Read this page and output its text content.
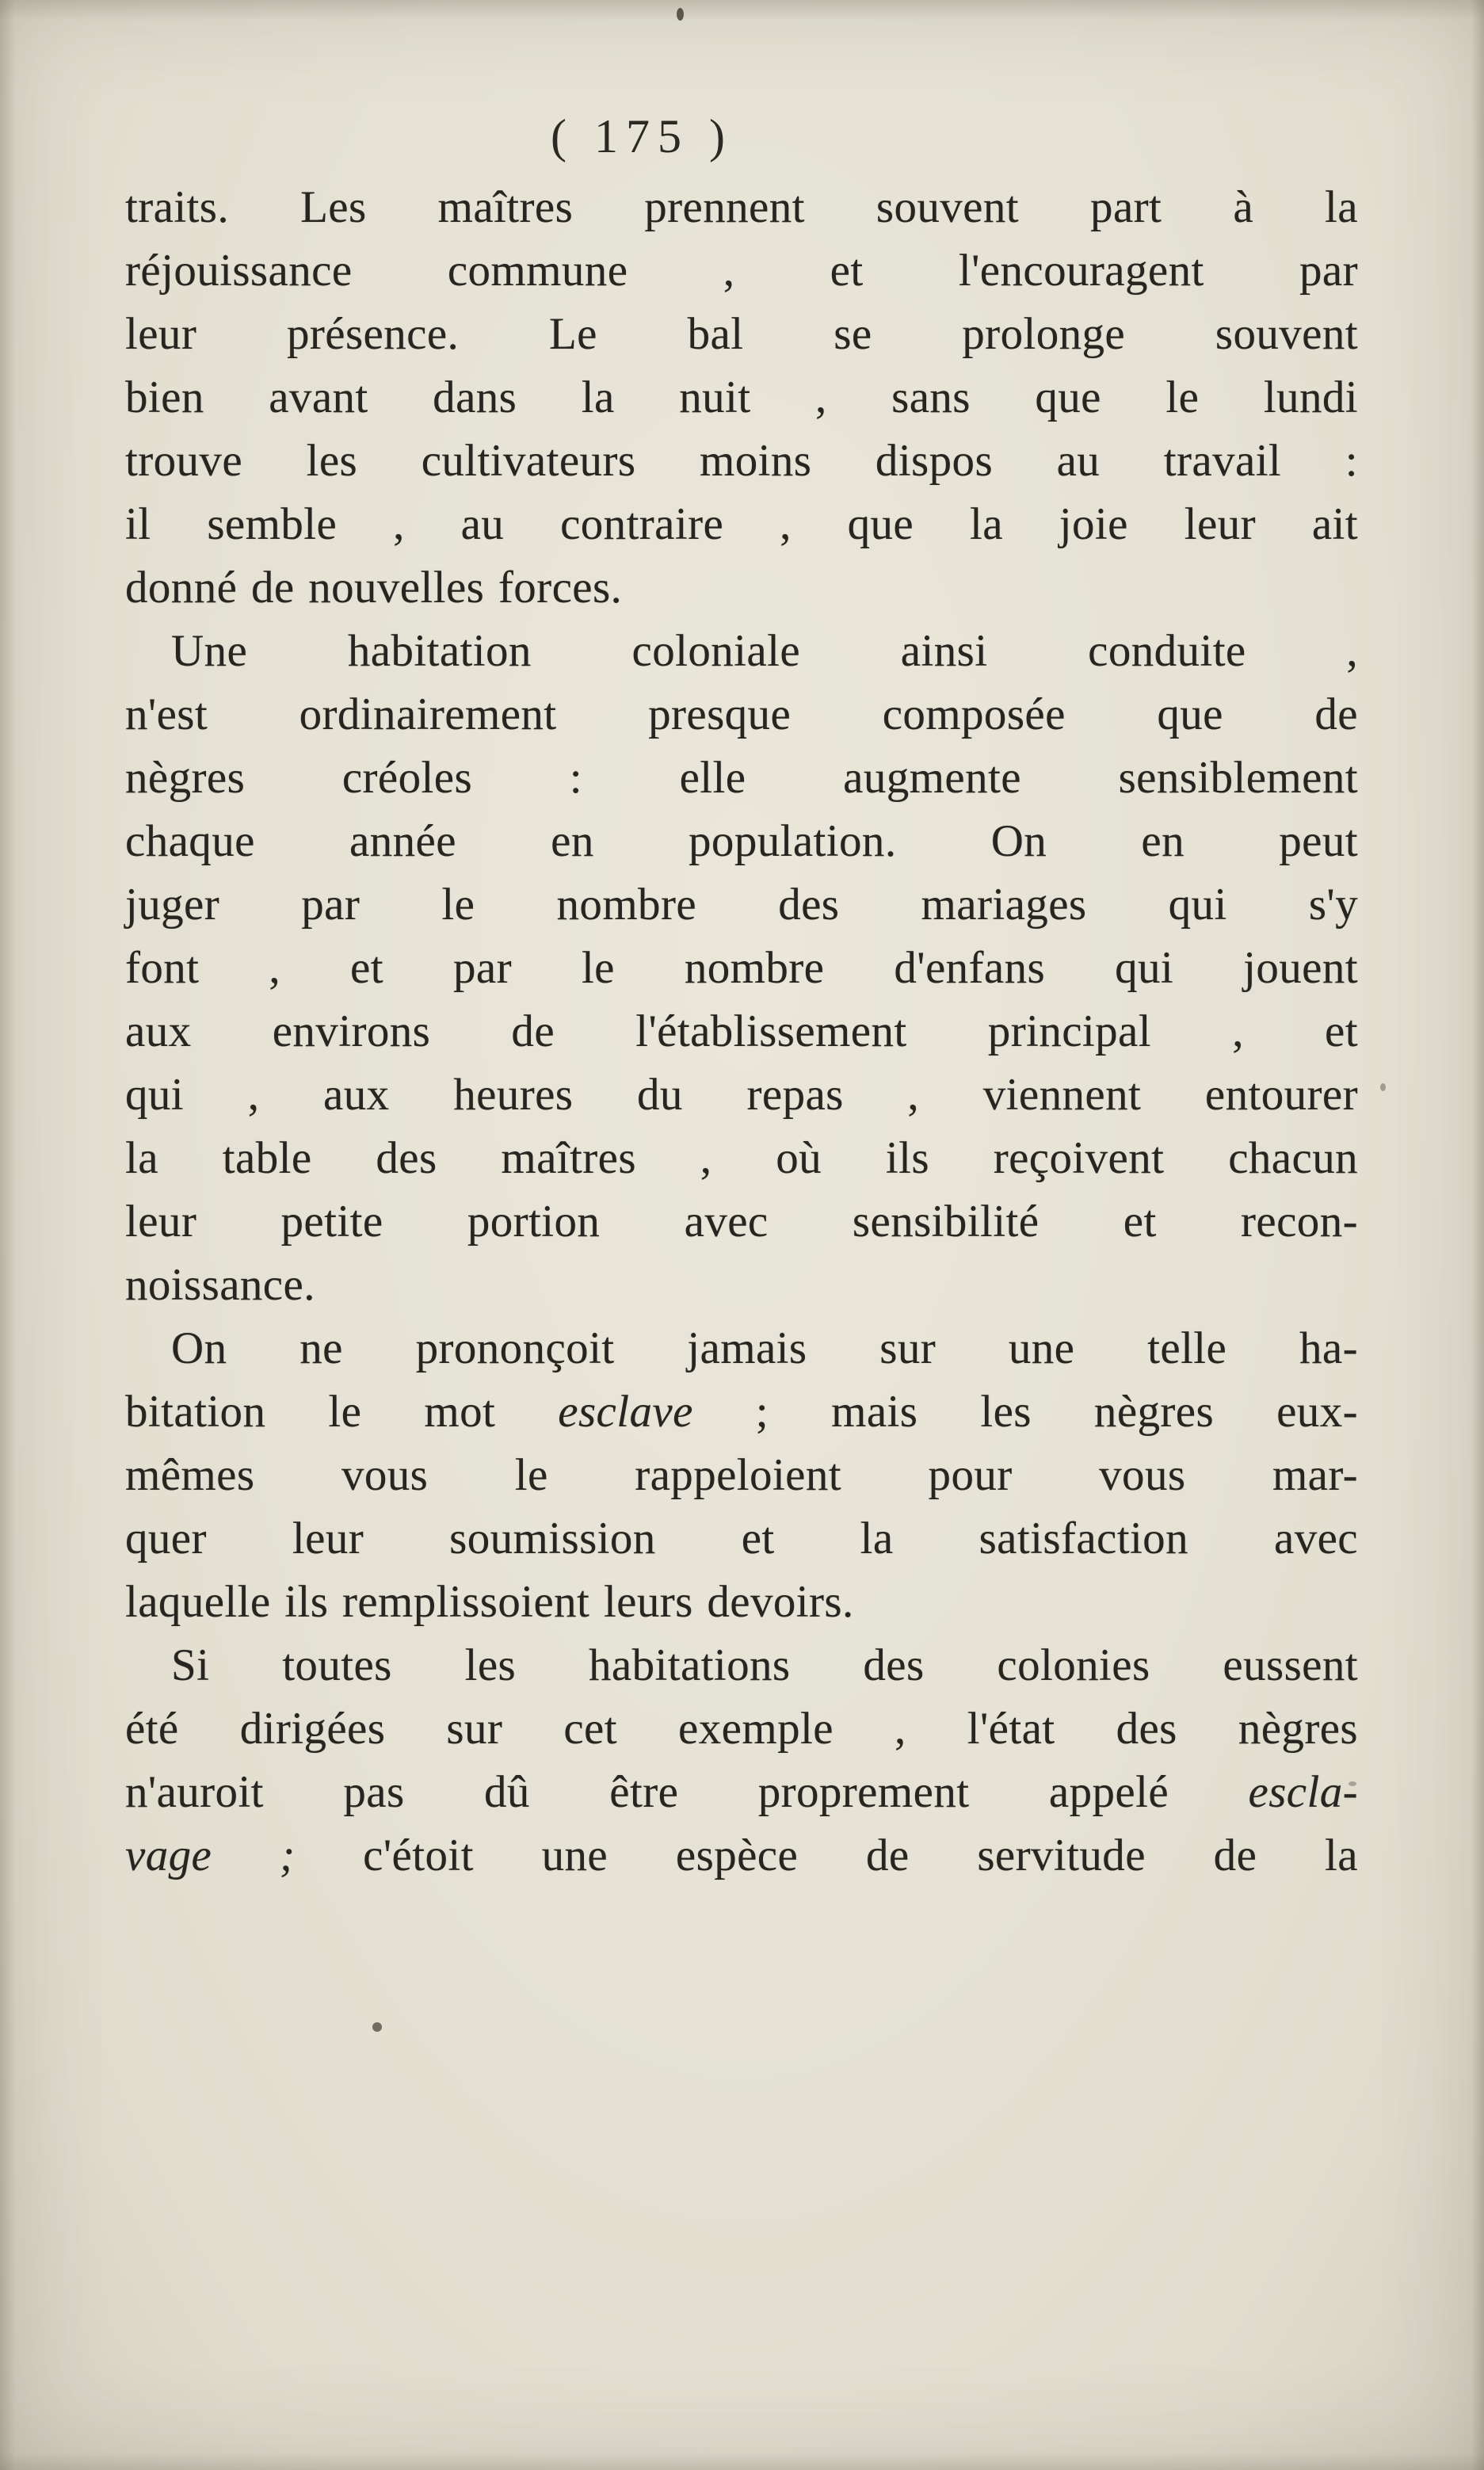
( 175 )
traits. Les maîtres prennent souvent part à la
réjouissance commune , et l'encouragent par
leur présence. Le bal se prolonge souvent
bien avant dans la nuit , sans que le lundi
trouve les cultivateurs moins dispos au travail :
il semble , au contraire , que la joie leur ait
donné de nouvelles forces.
Une habitation coloniale ainsi conduite ,
n'est ordinairement presque composée que de
nègres créoles : elle augmente sensiblement
chaque année en population. On en peut
juger par le nombre des mariages qui s'y
font , et par le nombre d'enfans qui jouent
aux environs de l'établissement principal , et
qui , aux heures du repas , viennent entourer
la table des maîtres , où ils reçoivent chacun
leur petite portion avec sensibilité et recon-
noissance.
On ne prononçoit jamais sur une telle ha-
bitation le mot esclave ; mais les nègres eux-
mêmes vous le rappeloient pour vous mar-
quer leur soumission et la satisfaction avec
laquelle ils remplissoient leurs devoirs.
Si toutes les habitations des colonies eussent
été dirigées sur cet exemple , l'état des nègres
n'auroit pas dû être proprement appelé escla-
vage ; c'étoit une espèce de servitude de la
